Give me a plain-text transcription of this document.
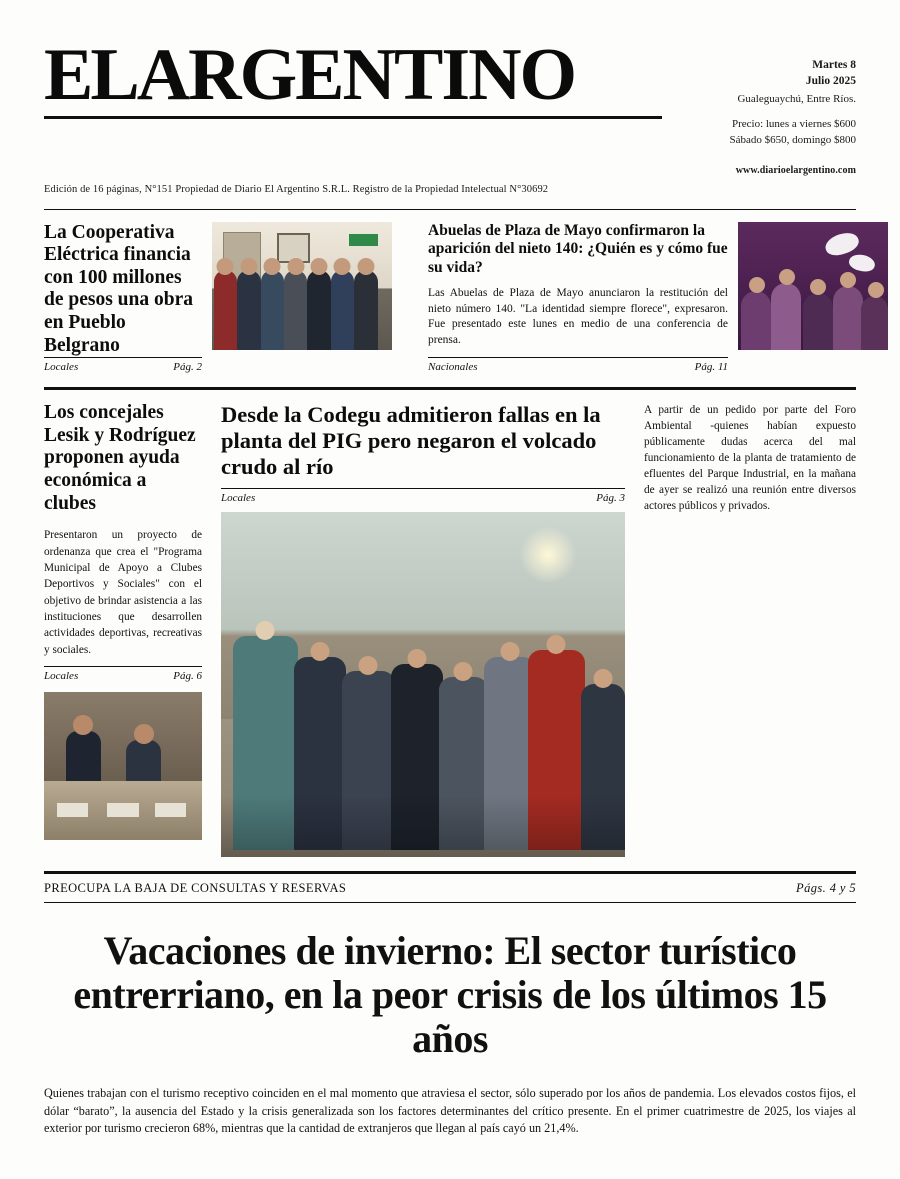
ELARGENTINO	Martes 8
Julio 2025
Gualeguaychú, Entre Ríos.
Precio: lunes a viernes $600
Sábado $650, domingo $800
www.diarioelargentino.com
Edición de 16 páginas, N°151 Propiedad de Diario El Argentino S.R.L. Registro de la Propiedad Intelectual N°30692
La Cooperativa Eléctrica financia con 100 millones de pesos una obra en Pueblo Belgrano
Locales	Pág. 2
Abuelas de Plaza de Mayo confirmaron la aparición del nieto 140: ¿Quién es y cómo fue su vida?
Las Abuelas de Plaza de Mayo anunciaron la restitución del nieto número 140. "La identidad siempre florece", expresaron. Fue presentado este lunes en medio de una conferencia de prensa.
Nacionales	Pág. 11
Los concejales Lesik y Rodríguez proponen ayuda económica a clubes
Presentaron un proyecto de ordenanza que crea el "Programa Municipal de Apoyo a Clubes Deportivos y Sociales" con el objetivo de brindar asistencia a las instituciones que desarrollen actividades deportivas, recreativas y sociales.
Locales	Pág. 6
Desde la Codegu admitieron fallas en la planta del PIG pero negaron el volcado crudo al río
Locales	Pág. 3
A partir de un pedido por parte del Foro Ambiental -quienes habían expuesto públicamente dudas acerca del mal funcionamiento de la planta de tratamiento de efluentes del Parque Industrial, en la mañana de ayer se realizó una reunión entre diversos actores públicos y privados.
PREOCUPA LA BAJA DE CONSULTAS Y RESERVAS	Págs. 4 y 5
Vacaciones de invierno: El sector turístico entrerriano, en la peor crisis de los últimos 15 años
Quienes trabajan con el turismo receptivo coinciden en el mal momento que atraviesa el sector, sólo superado por los años de pandemia. Los elevados costos fijos, el dólar “barato”, la ausencia del Estado y la crisis generalizada son los factores determinantes del crítico presente. En el primer cuatrimestre de 2025, los viajes al exterior por turismo crecieron 68%, mientras que la cantidad de extranjeros que llegan al país cayó un 21,4%.
